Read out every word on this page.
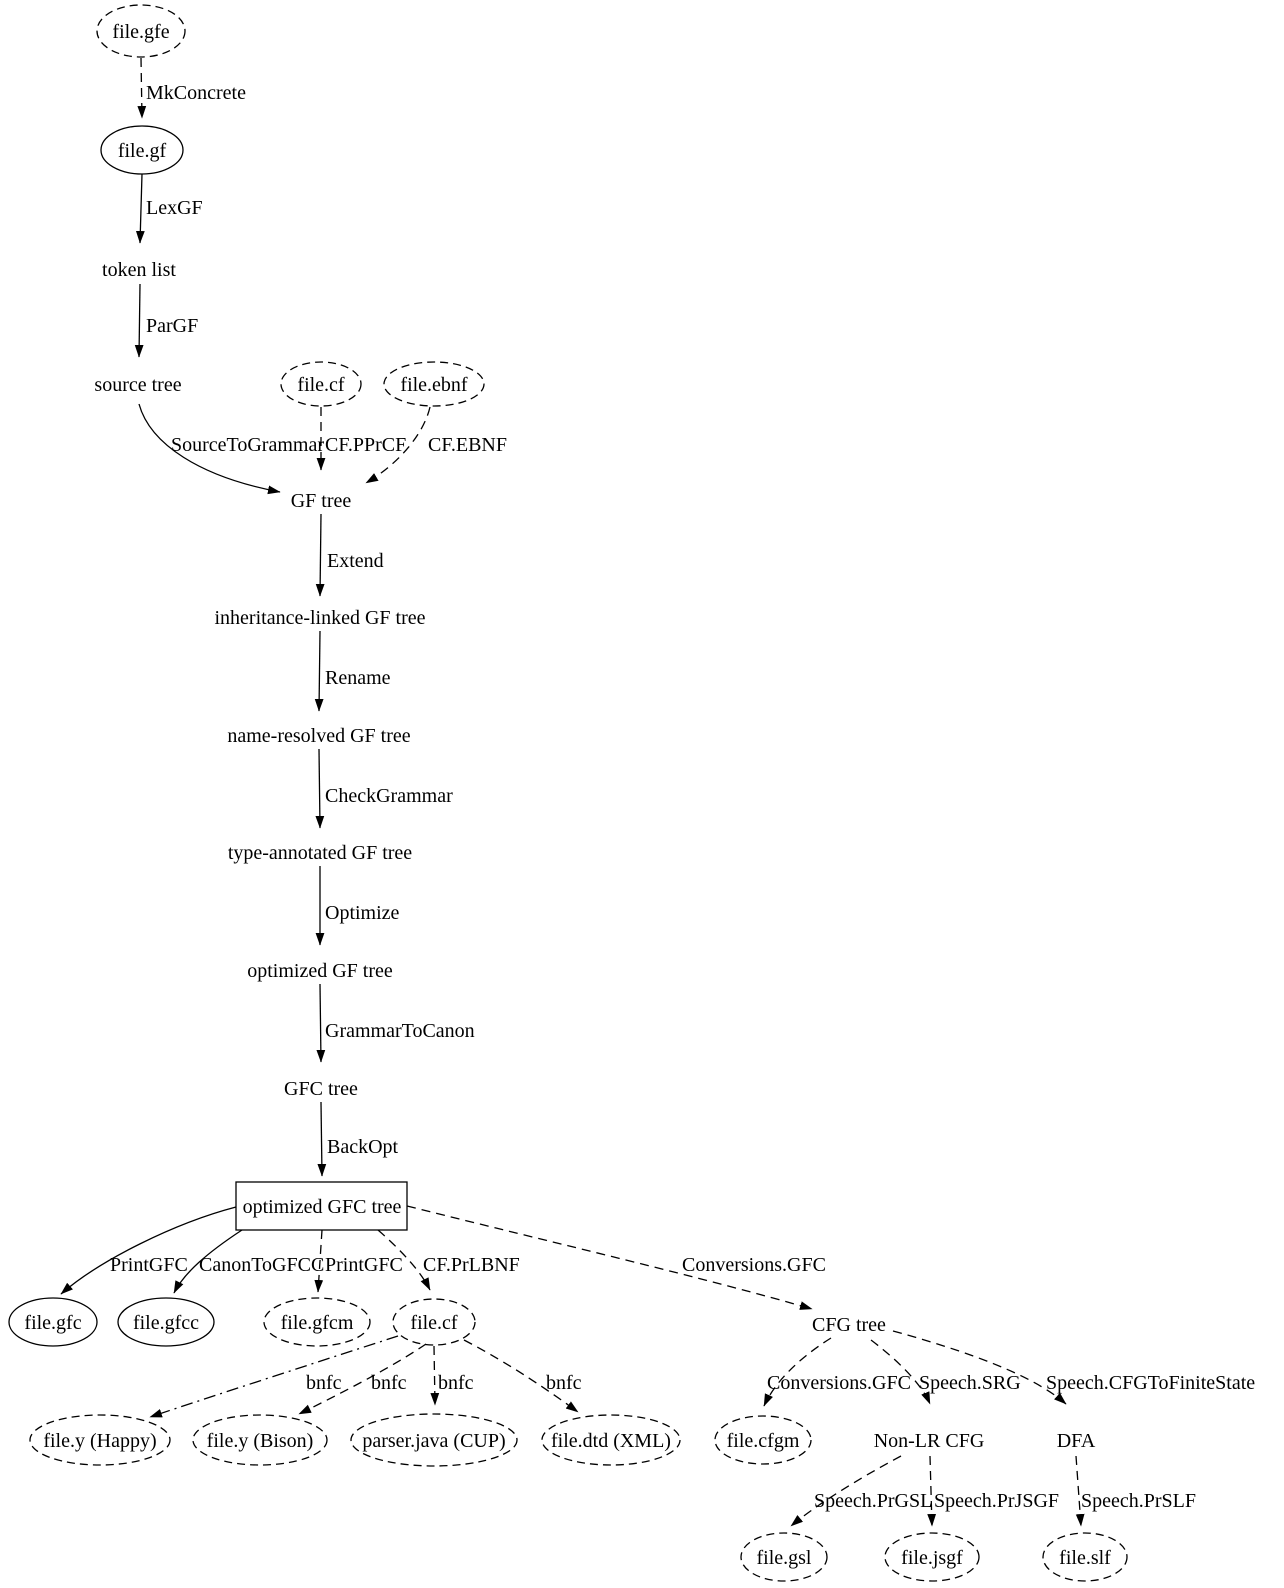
file.gfe
file.gf
token list
source tree	file.cf	file.ebnf
GF tree
inheritance-linked GF tree
name-resolved GF tree
type-annotated GF tree
optimized GF tree
GFC tree
optimized GFC tree
file.gfc	file.gfcc	file.gfcm	file.cf	CFG tree
file.y (Happy)	file.y (Bison) parser.java (CUP) file.dtd (XML)	file.cfgm	Non-LR CFG	DFA
file.gsl	file.jsgf	file.slf
MkConcrete
LexGF
ParGF
SourceToGrammar CF.PPrCF CF.EBNF
Extend
Rename
CheckGrammar
Optimize
GrammarToCanon
BackOpt
PrintGFC CanonToGFCC PrintGFC CF.PrLBNF	Conversions.GFC
bnfc bnfc bnfc	bnfc	Conversions.GFC Speech.SRG Speech.CFGToFiniteState
Speech.PrGSL Speech.PrJSGF Speech.PrSLF
